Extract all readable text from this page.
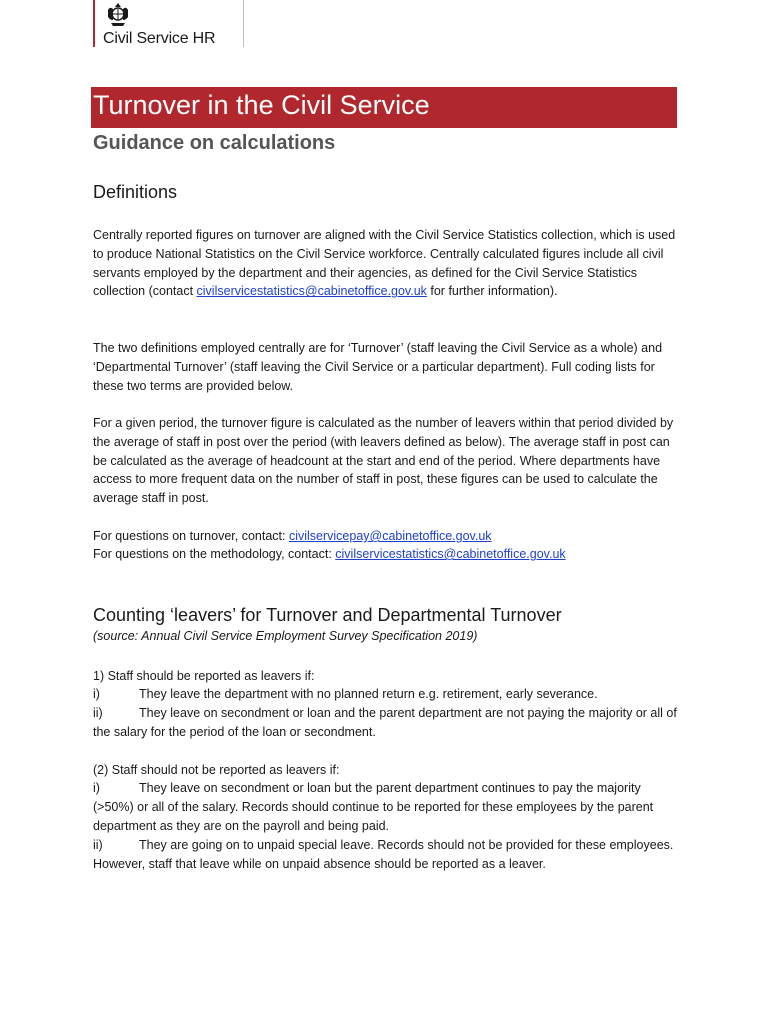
Civil Service HR
Turnover in the Civil Service
Guidance on calculations
Definitions

Centrally reported figures on turnover are aligned with the Civil Service Statistics collection, which is used to produce National Statistics on the Civil Service workforce. Centrally calculated figures include all civil servants employed by the department and their agencies, as defined for the Civil Service Statistics collection (contact civilservicestatistics@cabinetoffice.gov.uk for further information).

The two definitions employed centrally are for ‘Turnover’ (staff leaving the Civil Service as a whole) and ‘Departmental Turnover’ (staff leaving the Civil Service or a particular department). Full coding lists for these two terms are provided below.

For a given period, the turnover figure is calculated as the number of leavers within that period divided by the average of staff in post over the period (with leavers defined as below). The average staff in post can be calculated as the average of headcount at the start and end of the period. Where departments have access to more frequent data on the number of staff in post, these figures can be used to calculate the average staff in post.

For questions on turnover, contact: civilservicepay@cabinetoffice.gov.uk
For questions on the methodology, contact: civilservicestatistics@cabinetoffice.gov.uk
Counting ‘leavers’ for Turnover and Departmental Turnover
(source: Annual Civil Service Employment Survey Specification 2019)
1) Staff should be reported as leavers if:
i)	They leave the department with no planned return e.g. retirement, early severance.
ii)	They leave on secondment or loan and the parent department are not paying the majority or all of the salary for the period of the loan or secondment.
(2) Staff should not be reported as leavers if:
i)	They leave on secondment or loan but the parent department continues to pay the majority (>50%) or all of the salary. Records should continue to be reported for these employees by the parent department as they are on the payroll and being paid.
ii)	They are going on to unpaid special leave. Records should not be provided for these employees. However, staff that leave while on unpaid absence should be reported as a leaver.
